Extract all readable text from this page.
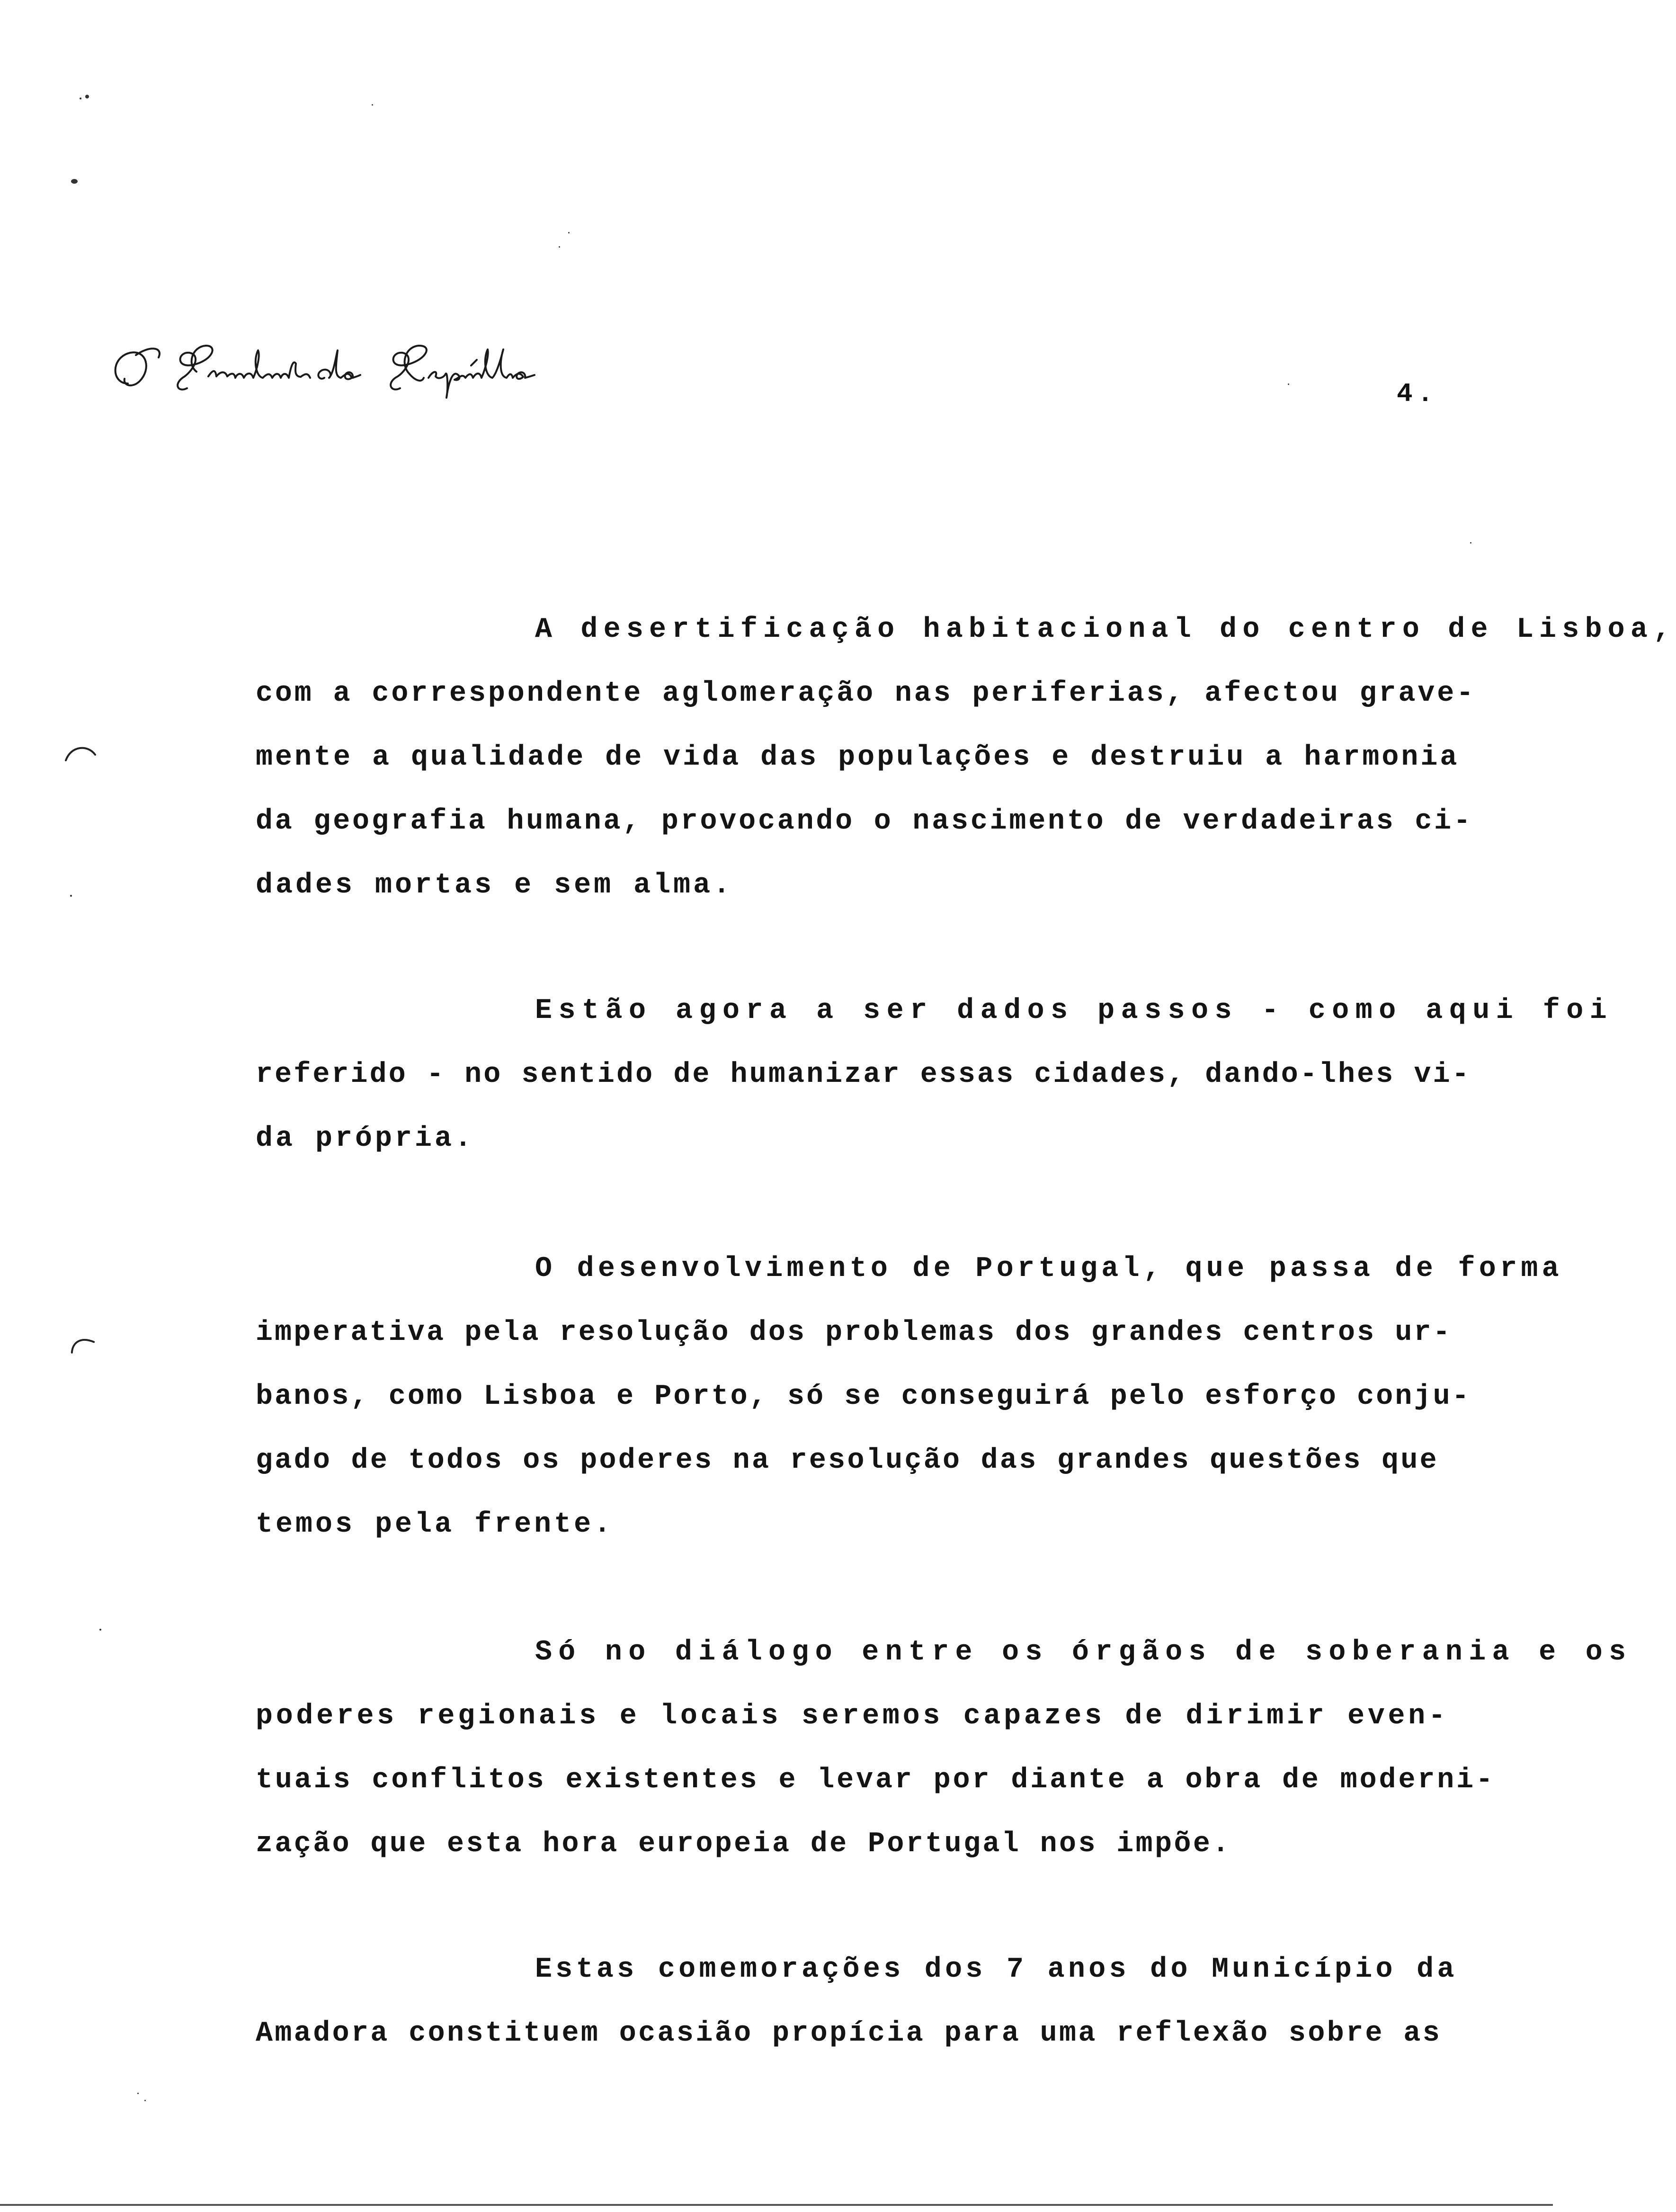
4.
A desertificação habitacional do centro de Lisboa,
com a correspondente aglomeração nas periferias, afectou grave-
mente a qualidade de vida das populações e destruiu a harmonia
da geografia humana, provocando o nascimento de verdadeiras ci-
dades mortas e sem alma.
Estão agora a ser dados passos - como aqui foi
referido - no sentido de humanizar essas cidades, dando-lhes vi-
da própria.
O desenvolvimento de Portugal, que passa de forma
imperativa pela resolução dos problemas dos grandes centros ur-
banos, como Lisboa e Porto, só se conseguirá pelo esforço conju-
gado de todos os poderes na resolução das grandes questões que
temos pela frente.
Só no diálogo entre os órgãos de soberania e os
poderes regionais e locais seremos capazes de dirimir even-
tuais conflitos existentes e levar por diante a obra de moderni-
zação que esta hora europeia de Portugal nos impõe.
Estas comemorações dos 7 anos do Município da
Amadora constituem ocasião propícia para uma reflexão sobre as
